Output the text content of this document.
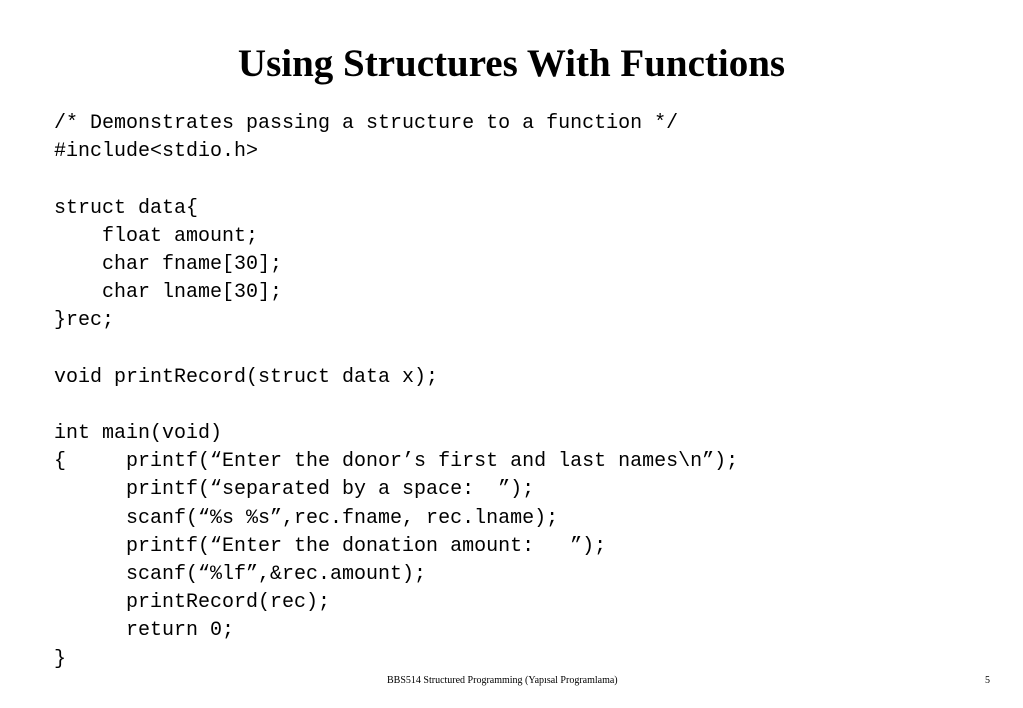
Using Structures With Functions
/* Demonstrates passing a structure to a function */
#include<stdio.h>
struct data{
float amount;
char fname[30];
char lname[30];
}rec;
void printRecord(struct data x);
int main(void)
{     printf(“Enter the donor’s first and last names\n”);
printf(“separated by a space:  ”);
scanf(“%s %s”,rec.fname, rec.lname);
printf(“Enter the donation amount:   ”);
scanf(“%lf”,&rec.amount);
printRecord(rec);
return 0;
}
BBS514 Structured Programming (Yapısal Programlama)	5
